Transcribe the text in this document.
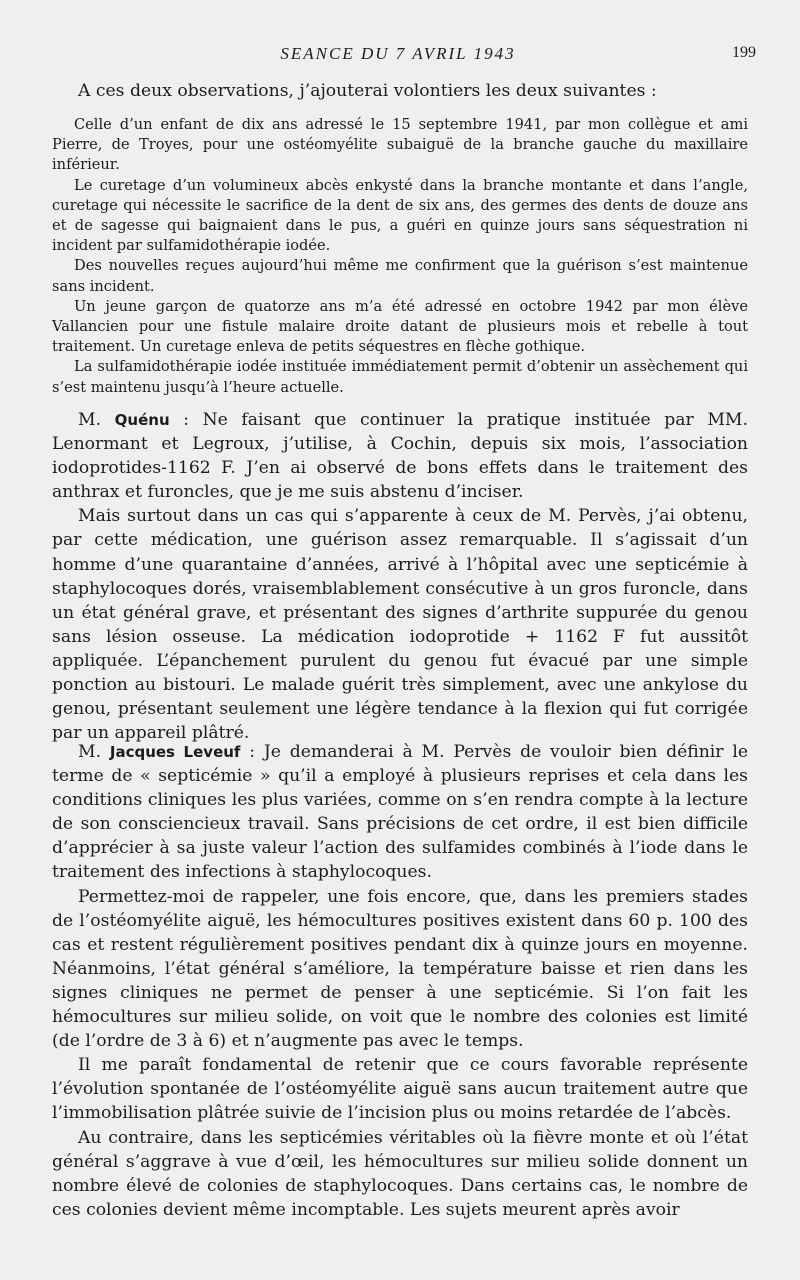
SEANCE DU 7 AVRIL 1943	199

A ces deux observations, j’ajouterai volontiers les deux suivantes :

Celle d’un enfant de dix ans adressé le 15 septembre 1941, par mon collègue et ami Pierre, de Troyes, pour une ostéomyélite subaiguë de la branche gauche du maxillaire inférieur.

Le curetage d’un volumineux abcès enkysté dans la branche montante et dans l’angle, curetage qui nécessite le sacrifice de la dent de six ans, des germes des dents de douze ans et de sagesse qui baignaient dans le pus, a guéri en quinze jours sans séquestration ni incident par sulfamidothérapie iodée.

Des nouvelles reçues aujourd’hui même me confirment que la guérison s’est maintenue sans incident.

Un jeune garçon de quatorze ans m’a été adressé en octobre 1942 par mon élève Vallancien pour une fistule malaire droite datant de plusieurs mois et rebelle à tout traitement. Un curetage enleva de petits séquestres en flèche gothique.

La sulfamidothérapie iodée instituée immédiatement permit d’obtenir un assèchement qui s’est maintenu jusqu’à l’heure actuelle.

M. Quénu : Ne faisant que continuer la pratique instituée par MM. Lenormant et Legroux, j’utilise, à Cochin, depuis six mois, l’association iodoprotides-1162 F. J’en ai observé de bons effets dans le traitement des anthrax et furoncles, que je me suis abstenu d’inciser.

Mais surtout dans un cas qui s’apparente à ceux de M. Pervès, j’ai obtenu, par cette médication, une guérison assez remarquable. Il s’agissait d’un homme d’une quarantaine d’années, arrivé à l’hôpital avec une septicémie à staphylocoques dorés, vraisemblablement consécutive à un gros furoncle, dans un état général grave, et présentant des signes d’arthrite suppurée du genou sans lésion osseuse. La médication iodoprotide + 1162 F fut aussitôt appliquée. L’épanchement purulent du genou fut évacué par une simple ponction au bistouri. Le malade guérit très simplement, avec une ankylose du genou, présentant seulement une légère tendance à la flexion qui fut corrigée par un appareil plâtré.

M. Jacques Leveuf : Je demanderai à M. Pervès de vouloir bien définir le terme de « septicémie » qu’il a employé à plusieurs reprises et cela dans les conditions cliniques les plus variées, comme on s’en rendra compte à la lecture de son consciencieux travail. Sans précisions de cet ordre, il est bien difficile d’apprécier à sa juste valeur l’action des sulfamides combinés à l’iode dans le traitement des infections à staphylocoques.

Permettez-moi de rappeler, une fois encore, que, dans les premiers stades de l’ostéomyélite aiguë, les hémocultures positives existent dans 60 p. 100 des cas et restent régulièrement positives pendant dix à quinze jours en moyenne. Néanmoins, l’état général s’améliore, la température baisse et rien dans les signes cliniques ne permet de penser à une septicémie. Si l’on fait les hémocultures sur milieu solide, on voit que le nombre des colonies est limité (de l’ordre de 3 à 6) et n’augmente pas avec le temps.

Il me paraît fondamental de retenir que ce cours favorable représente l’évolution spontanée de l’ostéomyélite aiguë sans aucun traitement autre que l’immobilisation plâtrée suivie de l’incision plus ou moins retardée de l’abcès.

Au contraire, dans les septicémies véritables où la fièvre monte et où l’état général s’aggrave à vue d’œil, les hémocultures sur milieu solide donnent un nombre élevé de colonies de staphylocoques. Dans certains cas, le nombre de ces colonies devient même incomptable. Les sujets meurent après avoir
